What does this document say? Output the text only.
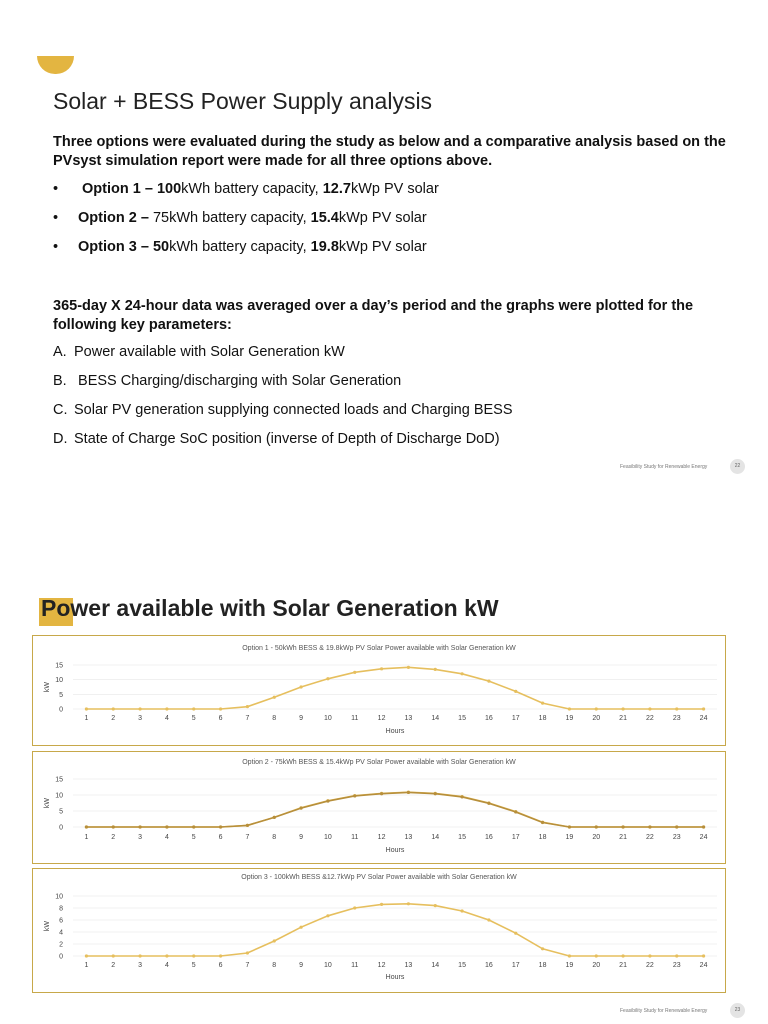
Solar + BESS Power Supply analysis

Three options were evaluated during the study as below and a comparative analysis based on the PVsyst simulation report were made for all three options above.

• Option 1 – 100kWh battery capacity, 12.7kWp PV solar
• Option 2 – 75kWh battery capacity, 15.4kWp PV solar
• Option 3 – 50kWh battery capacity, 19.8kWp PV solar

365-day X 24-hour data was averaged over a day’s period and the graphs were plotted for the following key parameters:

A. Power available with Solar Generation kW
B. BESS Charging/discharging with Solar Generation
C. Solar PV generation supplying connected loads and Charging BESS
D. State of Charge SoC position (inverse of Depth of Discharge DoD)
Feasibility Study for Renewable Energy	22
Power available with Solar Generation kW
Option 1 - 50kWh BESS & 19.8kWp PV Solar Power available with Solar Generation kW
0
5
10
15
1	2	3	4	5	6	7	8	9	10	11	12	13	14	15	16	17	18	19	20	21	22	23	24
Hours
kW
Option 2 - 75kWh BESS & 15.4kWp PV Solar Power available with Solar Generation kW
0
5
10
15
1	2	3	4	5	6	7	8	9	10	11	12	13	14	15	16	17	18	19	20	21	22	23	24
Hours
kW
Option 3 - 100kWh BESS &12.7kWp PV Solar Power available with Solar Generation kW
0
2
4
6
8
10
1	2	3	4	5	6	7	8	9	10	11	12	13	14	15	16	17	18	19	20	21	22	23	24
Hours
kW
Feasibility Study for Renewable Energy	23
